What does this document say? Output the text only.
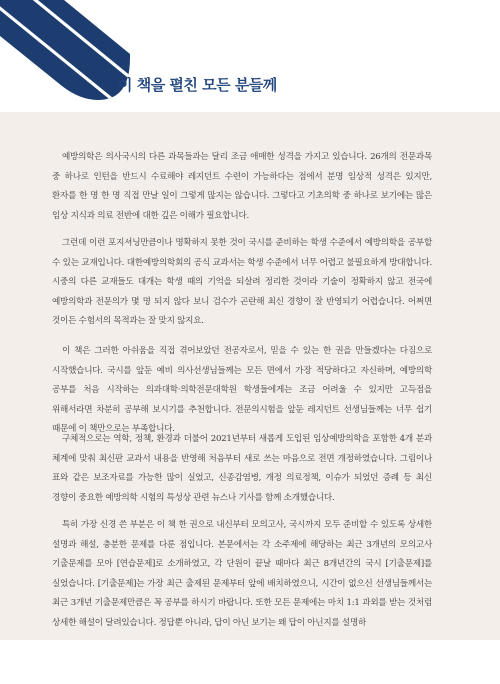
이 책을 펼친 모든 분들께

예방의학은 의사국시의 다른 과목들과는 달리 조금 애매한 성격을 가지고 있습니다. 26개의 전문과목 중 하나로 인턴을 반드시 수료해야 레지던트 수련이 가능하다는 점에서 분명 임상적 성격은 있지만, 환자를 한 명 한 명 직접 만날 일이 그렇게 많지는 않습니다. 그렇다고 기초의학 중 하나로 보기에는 많은 임상 지식과 의료 전반에 대한 깊은 이해가 필요합니다.

그런데 이런 포지셔닝만큼이나 명확하지 못한 것이 국시를 준비하는 학생 수준에서 예방의학을 공부할 수 있는 교재입니다. 대한예방의학회의 공식 교과서는 학생 수준에서 너무 어렵고 불필요하게 방대합니다. 시중의 다른 교재들도 대개는 학생 때의 기억을 되살려 정리한 것이라 기술이 정확하지 않고 전국에 예방의학과 전문의가 몇 명 되지 않다 보니 검수가 곤란해 최신 경향이 잘 반영되기 어렵습니다. 어쩌면 것이든 수험서의 목적과는 잘 맞지 않지요.

이 책은 그러한 아쉬움을 직접 겪어보았던 전공자로서, 믿을 수 있는 한 권을 만들겠다는 다짐으로 시작했습니다. 국시를 앞둔 예비 의사선생님들께는 모든 면에서 가장 적당하다고 자신하며, 예방의학 공부를 처음 시작하는 의과대학·의학전문대학원 학생들에게는 조금 어려울 수 있지만 고득점을 위해서라면 차분히 공부해 보시기를 추천합니다. 전문의시험을 앞둔 레지던트 선생님들께는 너무 쉽기 때문에 이 책만으로는 부족합니다.

구체적으로는 역학, 정책, 환경과 더불어 2021년부터 새롭게 도입된 임상예방의학을 포함한 4개 분과 체계에 맞춰 최신판 교과서 내용을 반영해 처음부터 새로 쓰는 마음으로 전면 개정하였습니다. 그림이나 표와 같은 보조자료를 가능한 많이 실었고, 신종감염병, 개정 의료정책, 이슈가 되었던 증례 등 최신 경향이 중요한 예방의학 시험의 특성상 관련 뉴스나 기사를 함께 소개했습니다.

특히 가장 신경 쓴 부분은 이 책 한 권으로 내신부터 모의고사, 국시까지 모두 준비할 수 있도록 상세한 설명과 해설, 충분한 문제를 다룬 점입니다. 본문에서는 각 소주제에 해당하는 최근 3개년의 모의고사 기출문제를 모아 [연습문제]로 소개하였고, 각 단원이 끝날 때마다 최근 8개년간의 국시 [기출문제]를 실었습니다. [기출문제]는 가장 최근 출제된 문제부터 앞에 배치하였으니, 시간이 없으신 선생님들께서는 최근 3개년 기출문제만큼은 꼭 공부를 하시기 바랍니다. 또한 모든 문제에는 마치 1:1 과외를 받는 것처럼 상세한 해설이 달려있습니다. 정답뿐 아니라, 답이 아닌 보기는 왜 답이 아닌지를 설명하
